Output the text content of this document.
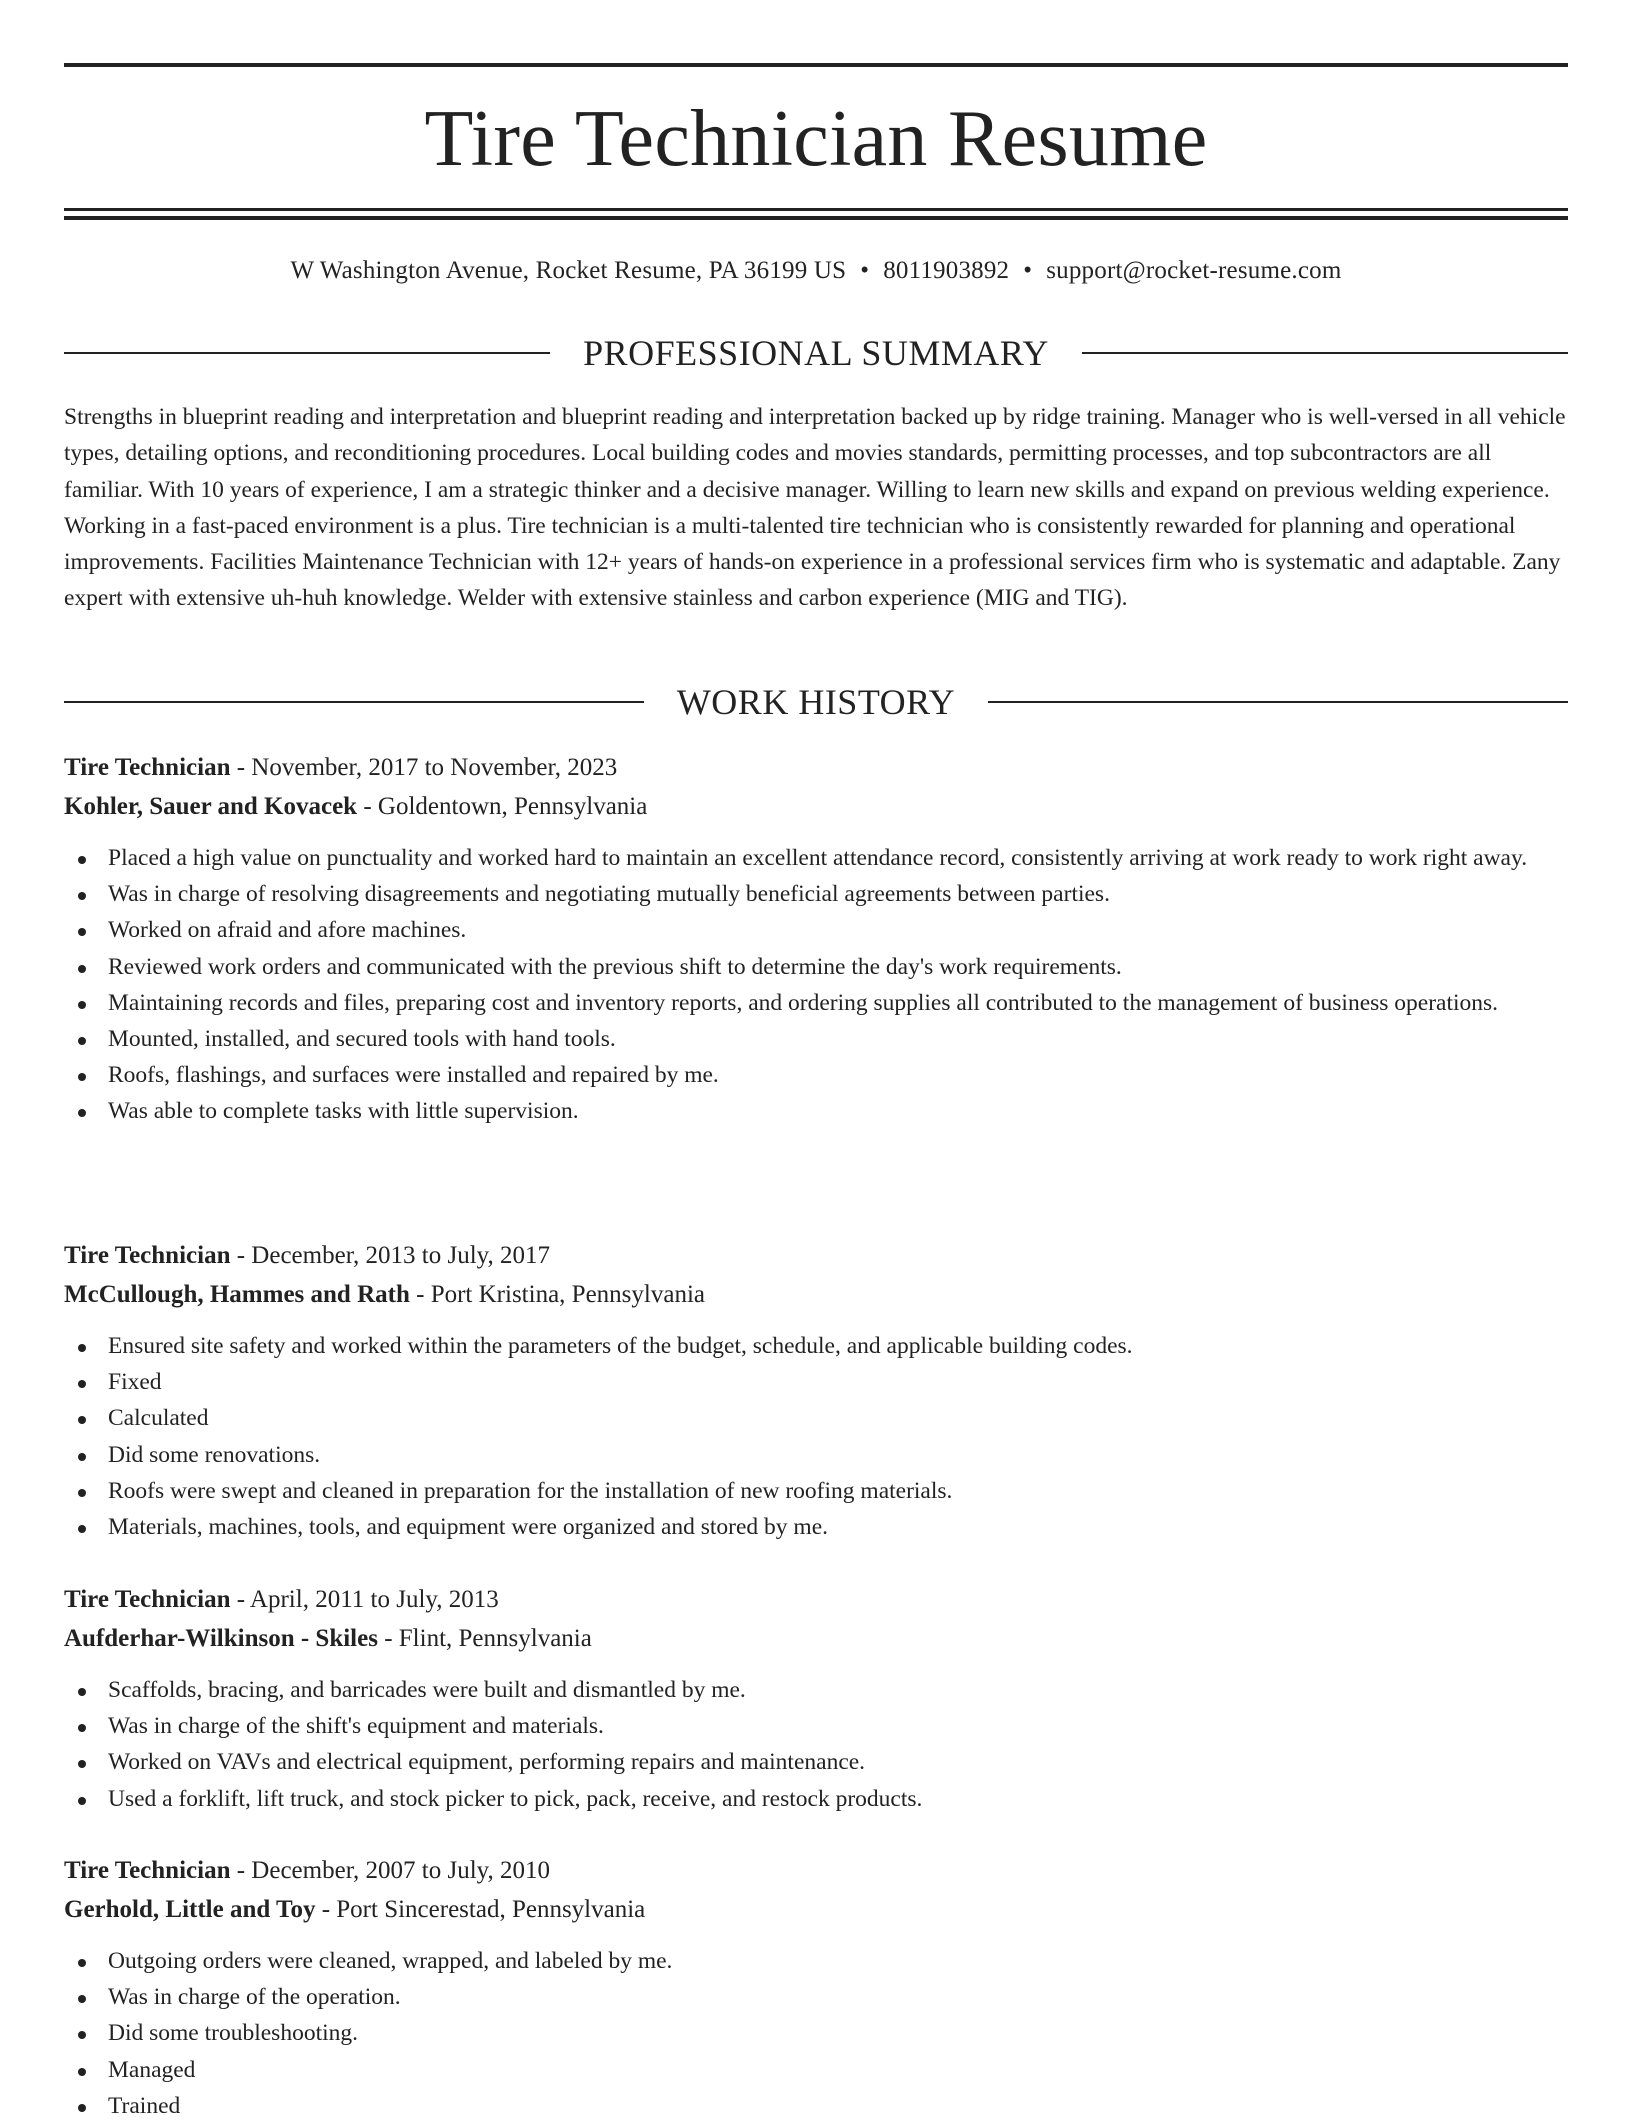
Tire Technician Resume
W Washington Avenue, Rocket Resume, PA 36199 US • 8011903892 • support@rocket-resume.com
PROFESSIONAL SUMMARY

Strengths in blueprint reading and interpretation and blueprint reading and interpretation backed up by ridge training. Manager who is well-versed in all vehicle types, detailing options, and reconditioning procedures. Local building codes and movies standards, permitting processes, and top subcontractors are all familiar. With 10 years of experience, I am a strategic thinker and a decisive manager. Willing to learn new skills and expand on previous welding experience. Working in a fast-paced environment is a plus. Tire technician is a multi-talented tire technician who is consistently rewarded for planning and operational improvements. Facilities Maintenance Technician with 12+ years of hands-on experience in a professional services firm who is systematic and adaptable. Zany expert with extensive uh-huh knowledge. Welder with extensive stainless and carbon experience (MIG and TIG).

WORK HISTORY

Tire Technician - November, 2017 to November, 2023

Kohler, Sauer and Kovacek - Goldentown, Pennsylvania

Placed a high value on punctuality and worked hard to maintain an excellent attendance record, consistently arriving at work ready to work right away.
Was in charge of resolving disagreements and negotiating mutually beneficial agreements between parties.
Worked on afraid and afore machines.
Reviewed work orders and communicated with the previous shift to determine the day's work requirements.
Maintaining records and files, preparing cost and inventory reports, and ordering supplies all contributed to the management of business operations.
Mounted, installed, and secured tools with hand tools.
Roofs, flashings, and surfaces were installed and repaired by me.
Was able to complete tasks with little supervision.

Tire Technician - December, 2013 to July, 2017

McCullough, Hammes and Rath - Port Kristina, Pennsylvania

Ensured site safety and worked within the parameters of the budget, schedule, and applicable building codes.
Fixed
Calculated
Did some renovations.
Roofs were swept and cleaned in preparation for the installation of new roofing materials.
Materials, machines, tools, and equipment were organized and stored by me.

Tire Technician - April, 2011 to July, 2013

Aufderhar-Wilkinson - Skiles - Flint, Pennsylvania

Scaffolds, bracing, and barricades were built and dismantled by me.
Was in charge of the shift's equipment and materials.
Worked on VAVs and electrical equipment, performing repairs and maintenance.
Used a forklift, lift truck, and stock picker to pick, pack, receive, and restock products.

Tire Technician - December, 2007 to July, 2010

Gerhold, Little and Toy - Port Sincerestad, Pennsylvania

Outgoing orders were cleaned, wrapped, and labeled by me.
Was in charge of the operation.
Did some troubleshooting.
Managed
Trained
